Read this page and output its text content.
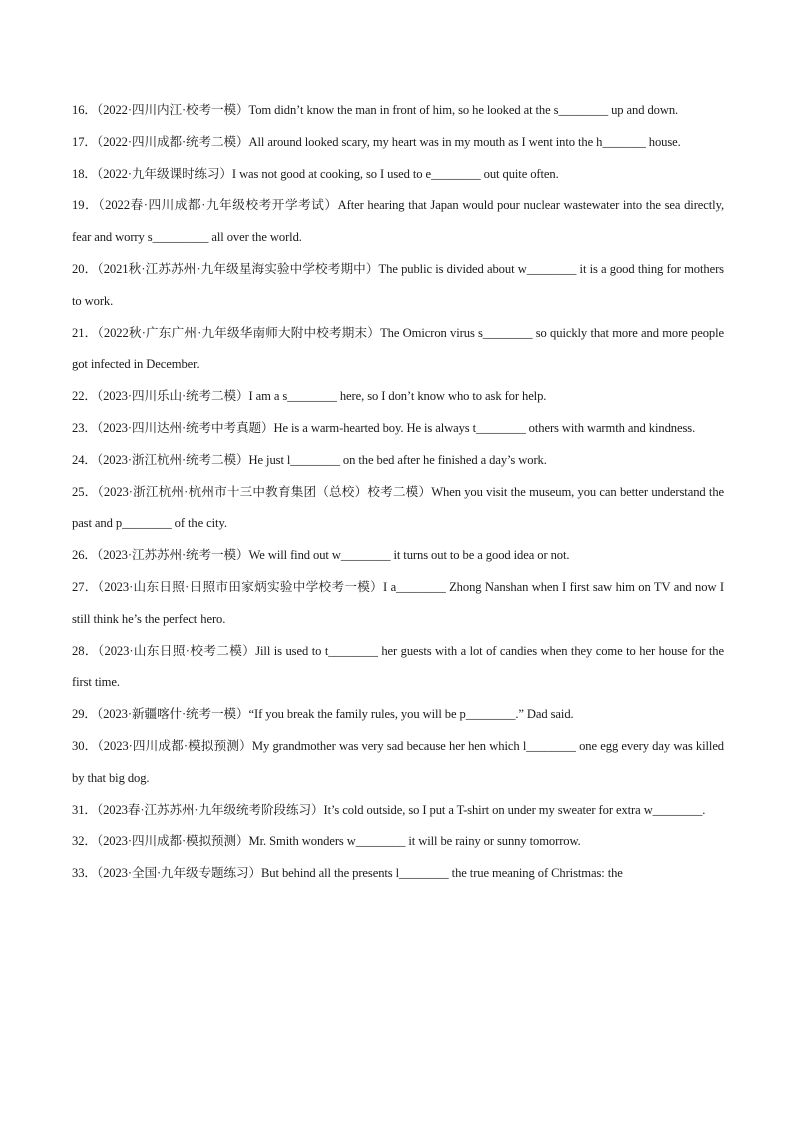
16．（2022·四川内江·校考一模）Tom didn’t know the man in front of him, so he looked at the s________ up and down.

17．（2022·四川成都·统考二模）All around looked scary, my heart was in my mouth as I went into the h_______ house.

18．（2022·九年级课时练习）I was not good at cooking, so I used to e________ out quite often.

19．（2022春·四川成都·九年级校考开学考试）After hearing that Japan would pour nuclear wastewater into the sea directly, fear and worry s_________ all over the world.

20．（2021秋·江苏苏州·九年级星海实验中学校考期中）The public is divided about w________ it is a good thing for mothers to work.

21．（2022秋·广东广州·九年级华南师大附中校考期末）The Omicron virus s________ so quickly that more and more people got infected in December.

22．（2023·四川乐山·统考二模）I am a s________ here, so I don’t know who to ask for help.

23．（2023·四川达州·统考中考真题）He is a warm-hearted boy. He is always t________ others with warmth and kindness.

24．（2023·浙江杭州·统考二模）He just l________ on the bed after he finished a day’s work.

25．（2023·浙江杭州·杭州市十三中教育集团（总校）校考二模）When you visit the museum, you can better understand the past and p________ of the city.

26．（2023·江苏苏州·统考一模）We will find out w________ it turns out to be a good idea or not.

27．（2023·山东日照·日照市田家炳实验中学校考一模）I a________ Zhong Nanshan when I first saw him on TV and now I still think he’s the perfect hero.

28．（2023·山东日照·校考二模）Jill is used to t________ her guests with a lot of candies when they come to her house for the first time.

29．（2023·新疆喀什·统考一模）“If you break the family rules, you will be p________.” Dad said.

30．（2023·四川成都·模拟预测）My grandmother was very sad because her hen which l________ one egg every day was killed by that big dog.

31．（2023春·江苏苏州·九年级统考阶段练习）It’s cold outside, so I put a T-shirt on under my sweater for extra w________.

32．（2023·四川成都·模拟预测）Mr. Smith wonders w________ it will be rainy or sunny tomorrow.

33．（2023·全国·九年级专题练习）But behind all the presents l________ the true meaning of Christmas: the
